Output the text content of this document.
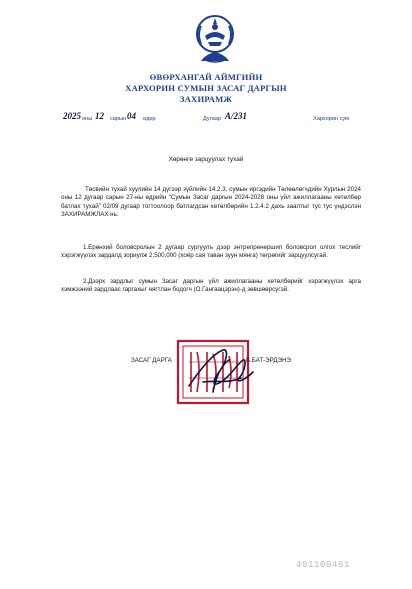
ӨВӨРХАНГАЙ АЙМГИЙН
ХАРХОРИН СУМЫН ЗАСАГ ДАРГЫН
ЗАХИРАМЖ
2025 оны 12 сарын 04 өдөр	Дугаар А/231	Хархорин сум
Хөрөнгө зарцуулах тухай
Төсвийн тухай хуулийн 14 дүгээр зүйлийн 14.2.3, сумын иргэдийн Төлөөлөгчдийн Хурлын 2024 оны 12 дугаар сарын 27-ны өдрийн “Сумын Засаг даргын 2024-2028 оны үйл ажиллагааны хөтөлбөр батлах тухай” 02/09 дугаар тогтоолоор батлагдсан хөтөлбөрийн 1.2.4.2 дахь заалтыг тус тус үндэслэн ЗАХИРАМЖЛАХ нь:
1.Ерөнхий боловсролын 2 дугаар сургуулъ дээр энтрепренершип боловсрол олгох теслийг хэрэгжүүлэх зардалд зориулж 2,500,000 (хоёр сая таван зуун мянга) төгрөгийг зарцуулсугай.
2.Дээрх зардлыг сумын Засаг даргын үйл ажиллагааны хөтөлбөрийг хэрэгжүүлэх арга хэмжээний зардлаас гаргахыг нягтлан бодогч (О.Гангаацэрэн)-д зөвшөөрсүгэй.
ЗАСАГ ДАРГА	Б.БАТ-ЭРДЭНЭ
401100461
